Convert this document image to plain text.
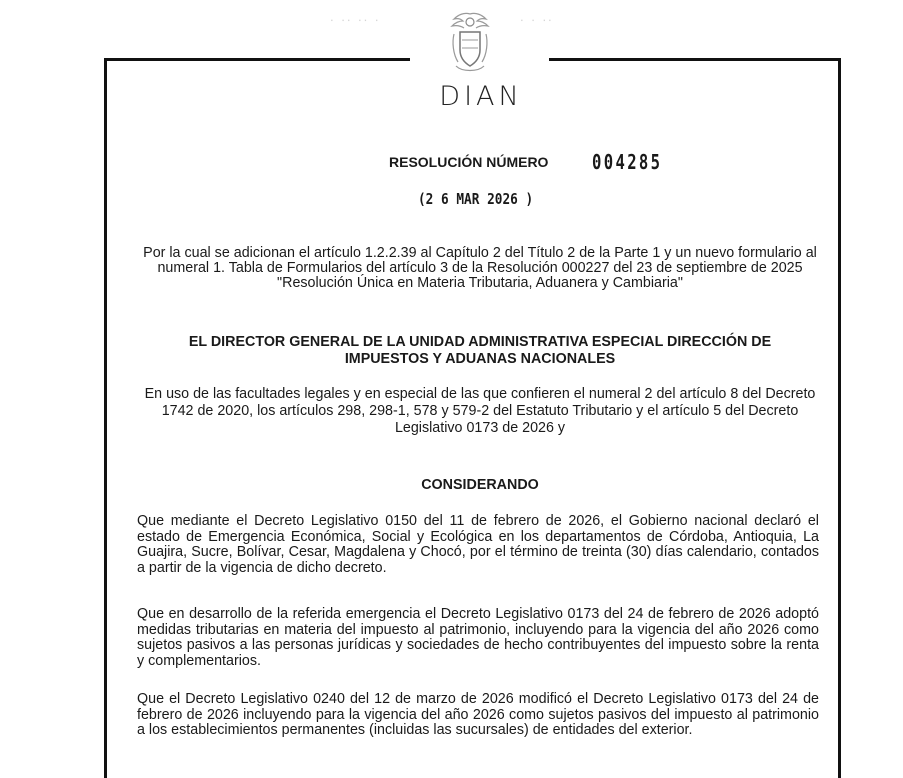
∙ ∙∙ ∙∙ ∙	∙ ∙ ∙∙
DIAN
RESOLUCIÓN NÚMERO 004285
(2 6 MAR 2026 )
Por la cual se adicionan el artículo 1.2.2.39 al Capítulo 2 del Título 2 de la Parte 1 y un nuevo formulario al numeral 1. Tabla de Formularios del artículo 3 de la Resolución 000227 del 23 de septiembre de 2025 "Resolución Única en Materia Tributaria, Aduanera y Cambiaria"
EL DIRECTOR GENERAL DE LA UNIDAD ADMINISTRATIVA ESPECIAL DIRECCIÓN DE
IMPUESTOS Y ADUANAS NACIONALES
En uso de las facultades legales y en especial de las que confieren el numeral 2 del artículo 8 del Decreto 1742 de 2020, los artículos 298, 298-1, 578 y 579-2 del Estatuto Tributario y el artículo 5 del Decreto Legislativo 0173 de 2026 y
CONSIDERANDO
Que mediante el Decreto Legislativo 0150 del 11 de febrero de 2026, el Gobierno nacional declaró el estado de Emergencia Económica, Social y Ecológica en los departamentos de Córdoba, Antioquia, La Guajira, Sucre, Bolívar, Cesar, Magdalena y Chocó, por el término de treinta (30) días calendario, contados a partir de la vigencia de dicho decreto.
Que en desarrollo de la referida emergencia el Decreto Legislativo 0173 del 24 de febrero de 2026 adoptó medidas tributarias en materia del impuesto al patrimonio, incluyendo para la vigencia del año 2026 como sujetos pasivos a las personas jurídicas y sociedades de hecho contribuyentes del impuesto sobre la renta y complementarios.
Que el Decreto Legislativo 0240 del 12 de marzo de 2026 modificó el Decreto Legislativo 0173 del 24 de febrero de 2026 incluyendo para la vigencia del año 2026 como sujetos pasivos del impuesto al patrimonio a los establecimientos permanentes (incluidas las sucursales) de entidades del exterior.
